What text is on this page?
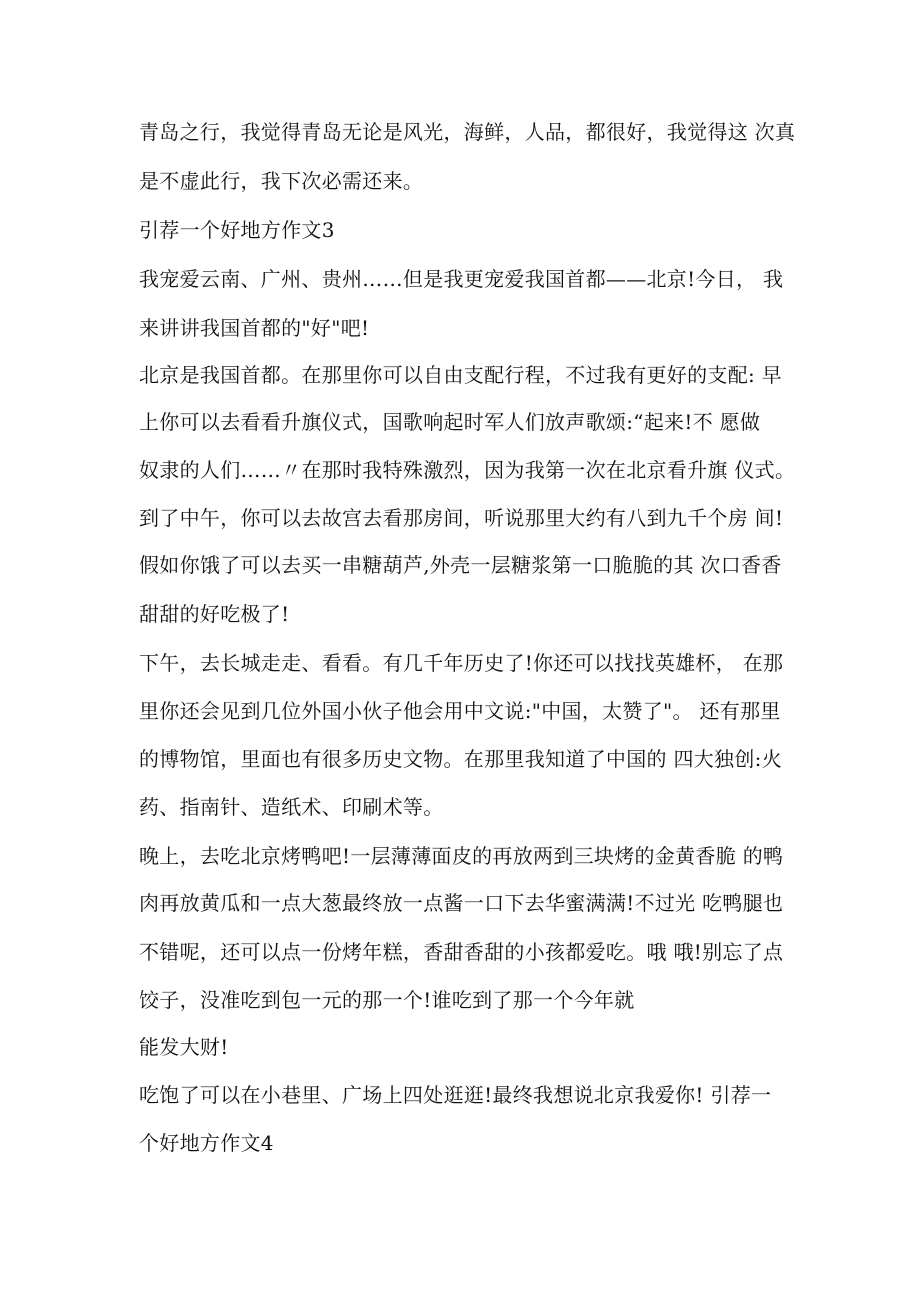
青岛之行，我觉得青岛无论是风光，海鲜，人品，都很好，我觉得这 次真
是不虚此行，我下次必需还来。
引荐一个好地方作文3
我宠爱云南、广州、贵州……但是我更宠爱我国首都——北京!今日， 我
来讲讲我国首都的"好"吧!
北京是我国首都。在那里你可以自由支配行程，不过我有更好的支配: 早
上你可以去看看升旗仪式，国歌响起时军人们放声歌颂:“起来!不 愿做
奴隶的人们……〃在那时我特殊激烈，因为我第一次在北京看升旗 仪式。
到了中午，你可以去故宫去看那房间，听说那里大约有八到九千个房 间!
假如你饿了可以去买一串糖葫芦,外壳一层糖浆第一口脆脆的其 次口香香
甜甜的好吃极了!
下午，去长城走走、看看。有几千年历史了!你还可以找找英雄杯， 在那
里你还会见到几位外国小伙子他会用中文说:"中国，太赞了"。 还有那里
的博物馆，里面也有很多历史文物。在那里我知道了中国的 四大独创:火
药、指南针、造纸术、印刷术等。
晚上，去吃北京烤鸭吧!一层薄薄面皮的再放两到三块烤的金黄香脆 的鸭
肉再放黄瓜和一点大葱最终放一点酱一口下去华蜜满满!不过光 吃鸭腿也
不错呢，还可以点一份烤年糕，香甜香甜的小孩都爱吃。哦 哦!别忘了点
饺子，没准吃到包一元的那一个!谁吃到了那一个今年就
能发大财!
吃饱了可以在小巷里、广场上四处逛逛!最终我想说北京我爱你! 引荐一
个好地方作文4
